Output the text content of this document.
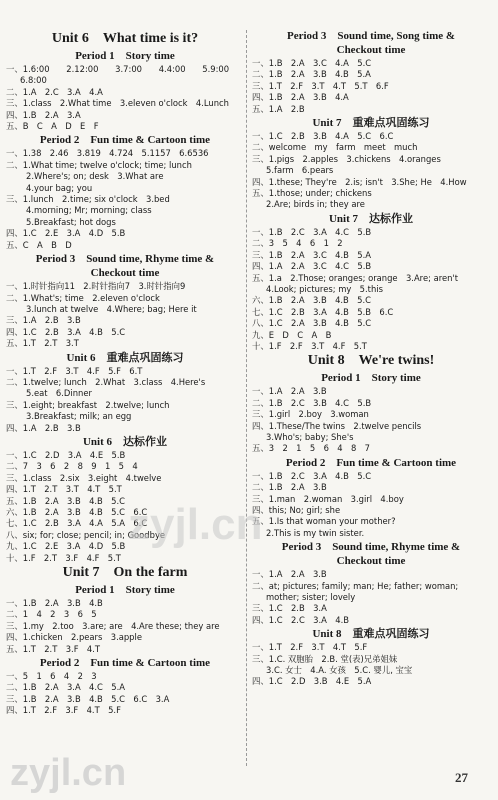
Unit 6　What time is it?
Period 1　Story time
一、1.6:00　　2.12:00　　3.7:00　　4.4:00　　5.9:00
6.8:00
二、1.A　2.C　3.A　4.A
三、1.class　2.What time　3.eleven o'clock　4.Lunch
四、1.B　2.A　3.A
五、B　C　A　D　E　F
Period 2　Fun time & Cartoon time
一、1.38　2.46　3.819　4.724　5.1157　6.6536
二、1.What time; twelve o'clock; time; lunch
2.Where's; on; desk　3.What are
4.your bag; you
三、1.lunch　2.time; six o'clock　3.bed
4.morning; Mr; morning; class
5.Breakfast; hot dogs
四、1.C　2.E　3.A　4.D　5.B
五、C　A　B　D
Period 3　Sound time, Rhyme time &
Checkout time
一、1.时针指向11　2.时针指向7　3.时针指向9
二、1.What's; time　2.eleven o'clock
3.lunch at twelve　4.Where; bag; Here it
三、1.A　2.B　3.B
四、1.C　2.B　3.A　4.B　5.C
五、1.T　2.T　3.T
Unit 6　重难点巩固练习
一、1.T　2.F　3.T　4.F　5.F　6.T
二、1.twelve; lunch　2.What　3.class　4.Here's
5.eat　6.Dinner
三、1.eight; breakfast　2.twelve; lunch
3.Breakfast; milk; an egg
四、1.A　2.B　3.B
Unit 6　达标作业
一、1.C　2.D　3.A　4.E　5.B
二、7　3　6　2　8　9　1　5　4
三、1.class　2.six　3.eight　4.twelve
四、1.T　2.T　3.T　4.T　5.T
五、1.B　2.A　3.B　4.B　5.C
六、1.B　2.A　3.B　4.B　5.C　6.C
七、1.C　2.B　3.A　4.A　5.A　6.C
八、six; for; close; pencil; in; Goodbye
九、1.C　2.E　3.A　4.D　5.B
十、1.F　2.T　3.F　4.F　5.T
Unit 7　On the farm
Period 1　Story time
一、1.B　2.A　3.B　4.B
二、1　4　2　3　6　5
三、1.my　2.too　3.are; are　4.Are these; they are
四、1.chicken　2.pears　3.apple
五、1.T　2.T　3.F　4.T
Period 2　Fun time & Cartoon time
一、5　1　6　4　2　3
二、1.B　2.A　3.A　4.C　5.A
三、1.B　2.A　3.B　4.B　5.C　6.C　3.A
四、1.T　2.F　3.F　4.T　5.F
Period 3　Sound time, Song time &
Checkout time
一、1.B　2.A　3.C　4.A　5.C
二、1.B　2.A　3.B　4.B　5.A
三、1.T　2.F　3.T　4.T　5.T　6.F
四、1.B　2.A　3.B　4.A
五、1.A　2.B
Unit 7　重难点巩固练习
一、1.C　2.B　3.B　4.A　5.C　6.C
二、welcome　my　farm　meet　much
三、1.pigs　2.apples　3.chickens　4.oranges
5.farm　6.pears
四、1.these; They're　2.is; isn't　3.She; He　4.How
五、1.those; under; chickens
2.Are; birds in; they are
Unit 7　达标作业
一、1.B　2.C　3.A　4.C　5.B
二、3　5　4　6　1　2
三、1.B　2.A　3.C　4.B　5.A
四、1.A　2.A　3.C　4.C　5.B
五、1.a　2.Those; oranges; orange　3.Are; aren't
4.Look; pictures; my　5.this
六、1.B　2.A　3.B　4.B　5.C
七、1.C　2.B　3.A　4.B　5.B　6.C
八、1.C　2.A　3.B　4.B　5.C
九、E　D　C　A　B
十、1.F　2.F　3.T　4.F　5.T
Unit 8　We're twins!
Period 1　Story time
一、1.A　2.A　3.B
二、1.B　2.C　3.B　4.C　5.B
三、1.girl　2.boy　3.woman
四、1.These/The twins　2.twelve pencils
3.Who's; baby; She's
五、3　2　1　5　6　4　8　7
Period 2　Fun time & Cartoon time
一、1.B　2.C　3.A　4.B　5.C
二、1.B　2.A　3.B
三、1.man　2.woman　3.girl　4.boy
四、this; No; girl; she
五、1.Is that woman your mother?
2.This is my twin sister.
Period 3　Sound time, Rhyme time &
Checkout time
一、1.A　2.A　3.B
二、at; pictures; family; man; He; father; woman;
mother; sister; lovely
三、1.C　2.B　3.A
四、1.C　2.C　3.A　4.B
Unit 8　重难点巩固练习
一、1.T　2.F　3.T　4.T　5.F
三、1.C. 双胞胎　2.B. 堂(表)兄弟姐妹
3.C. 女士　4.A. 女孩　5.C. 婴儿, 宝宝
四、1.C　2.D　3.B　4.E　5.A
zyjl.cn
zyjl.cn	27
